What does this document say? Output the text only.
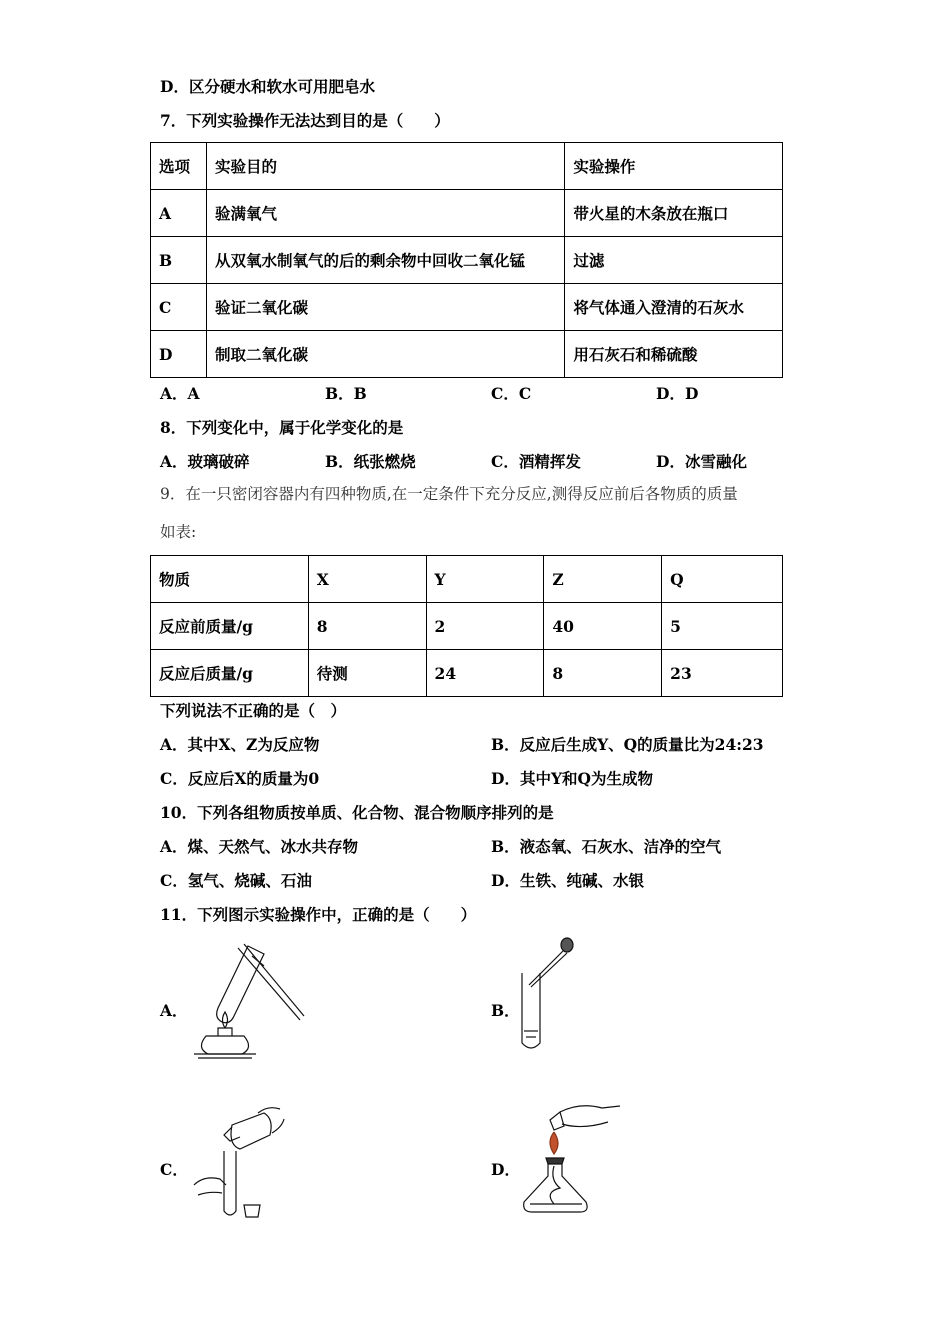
D．区分硬水和软水可用肥皂水
7．下列实验操作无法达到目的是（　　）
选项	实验目的	实验操作
A	验满氧气	带火星的木条放在瓶口
B	从双氧水制氧气的后的剩余物中回收二氧化锰	过滤
C	验证二氧化碳	将气体通入澄清的石灰水
D	制取二氧化碳	用石灰石和稀硫酸
A．A	B．B	C．C	D．D
8．下列变化中，属于化学变化的是
A．玻璃破碎	B．纸张燃烧	C．酒精挥发	D．冰雪融化
9．在一只密闭容器内有四种物质,在一定条件下充分反应,测得反应前后各物质的质量
如表:
物质	X	Y	Z	Q
反应前质量/g	8	2	40	5
反应后质量/g	待测	24	8	23
下列说法不正确的是（　）
A．其中X、Z为反应物	B．反应后生成Y、Q的质量比为24:23
C．反应后X的质量为0	D．其中Y和Q为生成物
10．下列各组物质按单质、化合物、混合物顺序排列的是
A．煤、天然气、冰水共存物	B．液态氧、石灰水、洁净的空气
C．氢气、烧碱、石油	D．生铁、纯碱、水银
11．下列图示实验操作中，正确的是（　　）
A．	B．
C．	D．
